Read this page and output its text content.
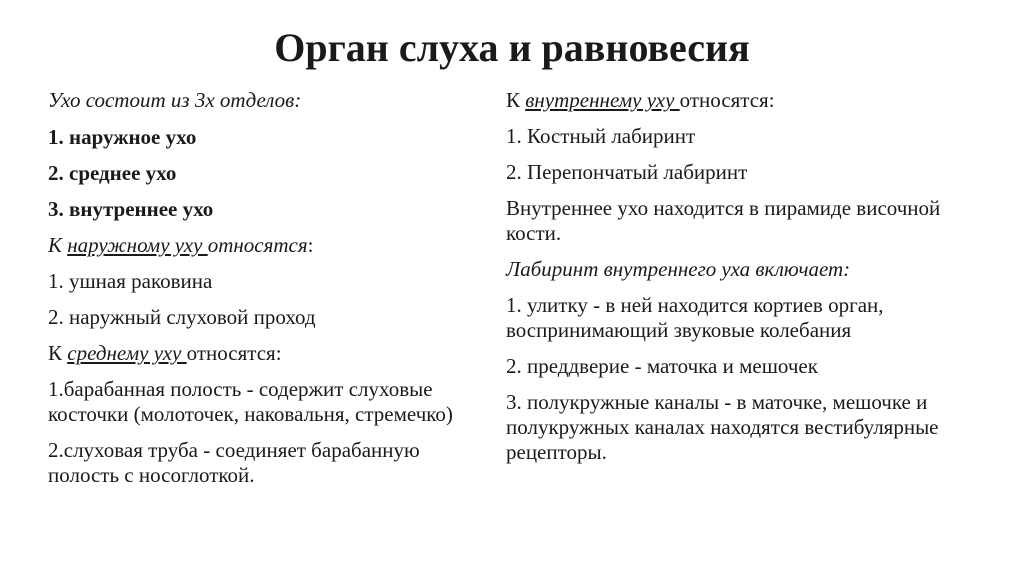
Орган слуха и равновесия

Ухо состоит из 3х отделов:

1. наружное ухо

2. среднее ухо

3. внутреннее ухо

К наружному уху относятся:

1. ушная раковина

2. наружный слуховой проход

К среднему уху относятся:

1.барабанная полость - содержит слуховые косточки (молоточек, наковальня, стремечко)

2.слуховая труба - соединяет барабанную полость с носоглоткой.

К внутреннему уху относятся:

1. Костный лабиринт

2. Перепончатый лабиринт

Внутреннее ухо находится в пирамиде височной кости.

Лабиринт внутреннего уха включает:

1. улитку - в ней находится кортиев орган, воспринимающий звуковые колебания

2. преддверие - маточка и мешочек

3. полукружные каналы - в маточке, мешочке и полукружных каналах находятся вестибулярные рецепторы.
